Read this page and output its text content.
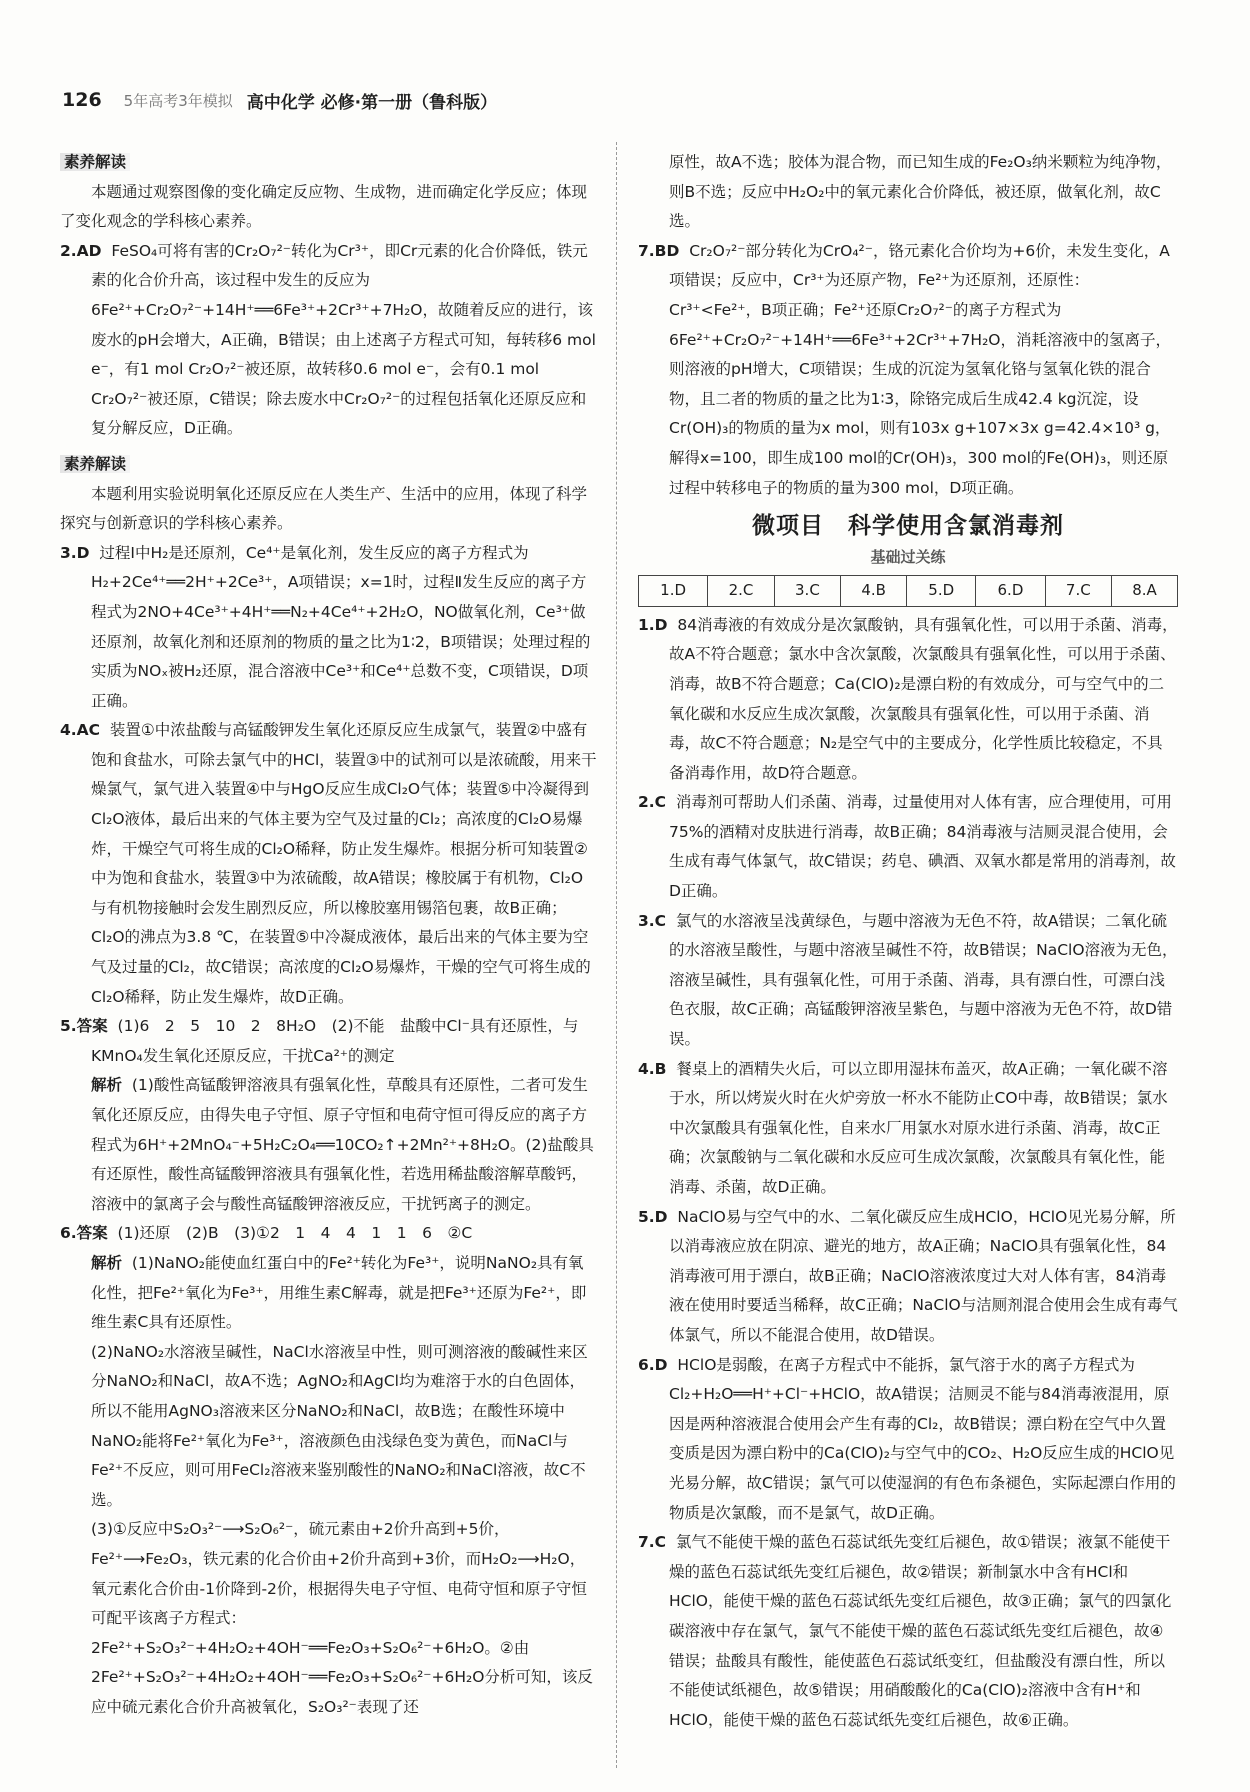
126 5年高考3年模拟 高中化学 必修·第一册（鲁科版）
素养解读
本题通过观察图像的变化确定反应物、生成物，进而确定化学反应；体现了变化观念的学科核心素养。
2.AD FeSO₄可将有害的Cr₂O₇²⁻转化为Cr³⁺，即Cr元素的化合价降低，铁元素的化合价升高，该过程中发生的反应为6Fe²⁺+Cr₂O₇²⁻+14H⁺══6Fe³⁺+2Cr³⁺+7H₂O，故随着反应的进行，该废水的pH会增大，A正确，B错误；由上述离子方程式可知，每转移6 mol e⁻，有1 mol Cr₂O₇²⁻被还原，故转移0.6 mol e⁻，会有0.1 mol Cr₂O₇²⁻被还原，C错误；除去废水中Cr₂O₇²⁻的过程包括氧化还原反应和复分解反应，D正确。
素养解读
本题利用实验说明氧化还原反应在人类生产、生活中的应用，体现了科学探究与创新意识的学科核心素养。
3.D 过程Ⅰ中H₂是还原剂，Ce⁴⁺是氧化剂，发生反应的离子方程式为H₂+2Ce⁴⁺══2H⁺+2Ce³⁺，A项错误；x=1时，过程Ⅱ发生反应的离子方程式为2NO+4Ce³⁺+4H⁺══N₂+4Ce⁴⁺+2H₂O，NO做氧化剂，Ce³⁺做还原剂，故氧化剂和还原剂的物质的量之比为1∶2，B项错误；处理过程的实质为NOₓ被H₂还原，混合溶液中Ce³⁺和Ce⁴⁺总数不变，C项错误，D项正确。
4.AC 装置①中浓盐酸与高锰酸钾发生氧化还原反应生成氯气，装置②中盛有饱和食盐水，可除去氯气中的HCl，装置③中的试剂可以是浓硫酸，用来干燥氯气，氯气进入装置④中与HgO反应生成Cl₂O气体；装置⑤中冷凝得到Cl₂O液体，最后出来的气体主要为空气及过量的Cl₂；高浓度的Cl₂O易爆炸，干燥空气可将生成的Cl₂O稀释，防止发生爆炸。根据分析可知装置②中为饱和食盐水，装置③中为浓硫酸，故A错误；橡胶属于有机物，Cl₂O与有机物接触时会发生剧烈反应，所以橡胶塞用锡箔包裹，故B正确；Cl₂O的沸点为3.8 ℃，在装置⑤中冷凝成液体，最后出来的气体主要为空气及过量的Cl₂，故C错误；高浓度的Cl₂O易爆炸，干燥的空气可将生成的Cl₂O稀释，防止发生爆炸，故D正确。
5.答案 (1)6　2　5　10　2　8H₂O　(2)不能　盐酸中Cl⁻具有还原性，与KMnO₄发生氧化还原反应，干扰Ca²⁺的测定
解析 (1)酸性高锰酸钾溶液具有强氧化性，草酸具有还原性，二者可发生氧化还原反应，由得失电子守恒、原子守恒和电荷守恒可得反应的离子方程式为6H⁺+2MnO₄⁻+5H₂C₂O₄══10CO₂↑+2Mn²⁺+8H₂O。(2)盐酸具有还原性，酸性高锰酸钾溶液具有强氧化性，若选用稀盐酸溶解草酸钙，溶液中的氯离子会与酸性高锰酸钾溶液反应，干扰钙离子的测定。
6.答案 (1)还原　(2)B　(3)①2　1　4　4　1　1　6　②C
解析 (1)NaNO₂能使血红蛋白中的Fe²⁺转化为Fe³⁺，说明NaNO₂具有氧化性，把Fe²⁺氧化为Fe³⁺，用维生素C解毒，就是把Fe³⁺还原为Fe²⁺，即维生素C具有还原性。
(2)NaNO₂水溶液呈碱性，NaCl水溶液呈中性，则可测溶液的酸碱性来区分NaNO₂和NaCl，故A不选；AgNO₂和AgCl均为难溶于水的白色固体，所以不能用AgNO₃溶液来区分NaNO₂和NaCl，故B选；在酸性环境中NaNO₂能将Fe²⁺氧化为Fe³⁺，溶液颜色由浅绿色变为黄色，而NaCl与Fe²⁺不反应，则可用FeCl₂溶液来鉴别酸性的NaNO₂和NaCl溶液，故C不选。
(3)①反应中S₂O₃²⁻⟶S₂O₆²⁻，硫元素由+2价升高到+5价，Fe²⁺⟶Fe₂O₃，铁元素的化合价由+2价升高到+3价，而H₂O₂⟶H₂O，氧元素化合价由-1价降到-2价，根据得失电子守恒、电荷守恒和原子守恒可配平该离子方程式：2Fe²⁺+S₂O₃²⁻+4H₂O₂+4OH⁻══Fe₂O₃+S₂O₆²⁻+6H₂O。②由2Fe²⁺+S₂O₃²⁻+4H₂O₂+4OH⁻══Fe₂O₃+S₂O₆²⁻+6H₂O分析可知，该反应中硫元素化合价升高被氧化，S₂O₃²⁻表现了还
原性，故A不选；胶体为混合物，而已知生成的Fe₂O₃纳米颗粒为纯净物，则B不选；反应中H₂O₂中的氧元素化合价降低，被还原，做氧化剂，故C选。
7.BD Cr₂O₇²⁻部分转化为CrO₄²⁻，铬元素化合价均为+6价，未发生变化，A项错误；反应中，Cr³⁺为还原产物，Fe²⁺为还原剂，还原性：Cr³⁺<Fe²⁺，B项正确；Fe²⁺还原Cr₂O₇²⁻的离子方程式为6Fe²⁺+Cr₂O₇²⁻+14H⁺══6Fe³⁺+2Cr³⁺+7H₂O，消耗溶液中的氢离子，则溶液的pH增大，C项错误；生成的沉淀为氢氧化铬与氢氧化铁的混合物，且二者的物质的量之比为1∶3，除铬完成后生成42.4 kg沉淀，设Cr(OH)₃的物质的量为x mol，则有103x g+107×3x g=42.4×10³ g，解得x=100，即生成100 mol的Cr(OH)₃，300 mol的Fe(OH)₃，则还原过程中转移电子的物质的量为300 mol，D项正确。
微项目　科学使用含氯消毒剂
基础过关练
1.D	2.C	3.C	4.B	5.D	6.D	7.C	8.A
1.D 84消毒液的有效成分是次氯酸钠，具有强氧化性，可以用于杀菌、消毒，故A不符合题意；氯水中含次氯酸，次氯酸具有强氧化性，可以用于杀菌、消毒，故B不符合题意；Ca(ClO)₂是漂白粉的有效成分，可与空气中的二氧化碳和水反应生成次氯酸，次氯酸具有强氧化性，可以用于杀菌、消毒，故C不符合题意；N₂是空气中的主要成分，化学性质比较稳定，不具备消毒作用，故D符合题意。
2.C 消毒剂可帮助人们杀菌、消毒，过量使用对人体有害，应合理使用，可用75%的酒精对皮肤进行消毒，故B正确；84消毒液与洁厕灵混合使用，会生成有毒气体氯气，故C错误；药皂、碘酒、双氧水都是常用的消毒剂，故D正确。
3.C 氯气的水溶液呈浅黄绿色，与题中溶液为无色不符，故A错误；二氧化硫的水溶液呈酸性，与题中溶液呈碱性不符，故B错误；NaClO溶液为无色，溶液呈碱性，具有强氧化性，可用于杀菌、消毒，具有漂白性，可漂白浅色衣服，故C正确；高锰酸钾溶液呈紫色，与题中溶液为无色不符，故D错误。
4.B 餐桌上的酒精失火后，可以立即用湿抹布盖灭，故A正确；一氧化碳不溶于水，所以烤炭火时在火炉旁放一杯水不能防止CO中毒，故B错误；氯水中次氯酸具有强氧化性，自来水厂用氯水对原水进行杀菌、消毒，故C正确；次氯酸钠与二氧化碳和水反应可生成次氯酸，次氯酸具有氧化性，能消毒、杀菌，故D正确。
5.D NaClO易与空气中的水、二氧化碳反应生成HClO，HClO见光易分解，所以消毒液应放在阴凉、避光的地方，故A正确；NaClO具有强氧化性，84消毒液可用于漂白，故B正确；NaClO溶液浓度过大对人体有害，84消毒液在使用时要适当稀释，故C正确；NaClO与洁厕剂混合使用会生成有毒气体氯气，所以不能混合使用，故D错误。
6.D HClO是弱酸，在离子方程式中不能拆，氯气溶于水的离子方程式为Cl₂+H₂O══H⁺+Cl⁻+HClO，故A错误；洁厕灵不能与84消毒液混用，原因是两种溶液混合使用会产生有毒的Cl₂，故B错误；漂白粉在空气中久置变质是因为漂白粉中的Ca(ClO)₂与空气中的CO₂、H₂O反应生成的HClO见光易分解，故C错误；氯气可以使湿润的有色布条褪色，实际起漂白作用的物质是次氯酸，而不是氯气，故D正确。
7.C 氯气不能使干燥的蓝色石蕊试纸先变红后褪色，故①错误；液氯不能使干燥的蓝色石蕊试纸先变红后褪色，故②错误；新制氯水中含有HCl和HClO，能使干燥的蓝色石蕊试纸先变红后褪色，故③正确；氯气的四氯化碳溶液中存在氯气，氯气不能使干燥的蓝色石蕊试纸先变红后褪色，故④错误；盐酸具有酸性，能使蓝色石蕊试纸变红，但盐酸没有漂白性，所以不能使试纸褪色，故⑤错误；用硝酸酸化的Ca(ClO)₂溶液中含有H⁺和HClO，能使干燥的蓝色石蕊试纸先变红后褪色，故⑥正确。
